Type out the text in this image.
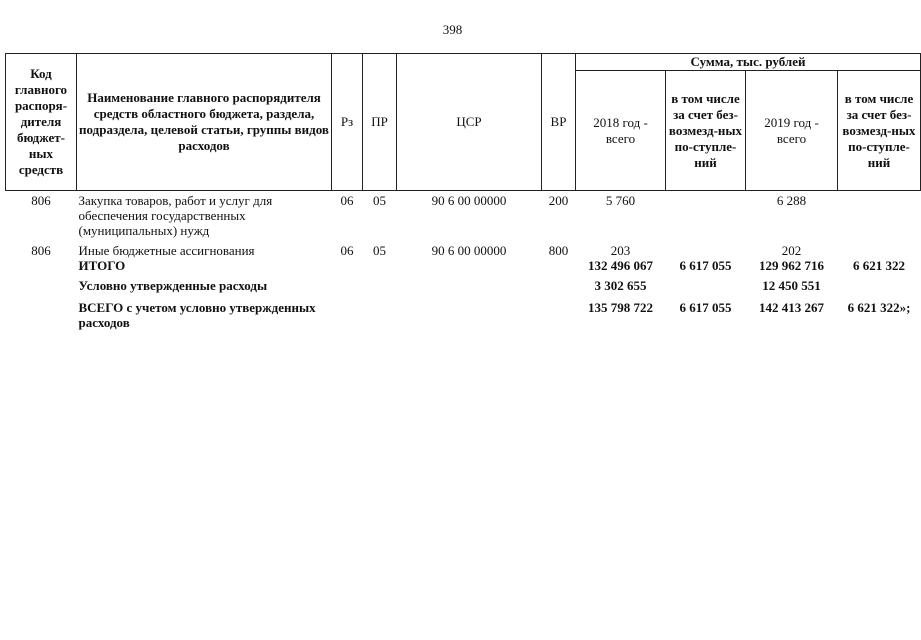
398
Код главного распоря-дителя бюджет-ных средств	Наименование главного распорядителя средств областного бюджета, раздела, подраздела, целевой статьи, группы видов расходов	Рз	ПР	ЦСР	ВР	Сумма, тыс. рублей			
						2018 год - всего	в том числе за счет без-возмезд-ных по-ступле-ний	2019 год - всего	в том числе за счет без-возмезд-ных по-ступле-ний
806	Закупка товаров, работ и услуг для обеспечения государственных (муниципальных) нужд	06	05	90 6 00 00000	200	5 760		6 288	
806	Иные бюджетные ассигнования	06	05	90 6 00 00000	800	203		202	
	ИТОГО					132 496 067	6 617 055	129 962 716	6 621 322
	Условно утвержденные расходы					3 302 655		12 450 551	
	ВСЕГО с учетом условно утвержденных расходов					135 798 722	6 617 055	142 413 267	6 621 322»;
